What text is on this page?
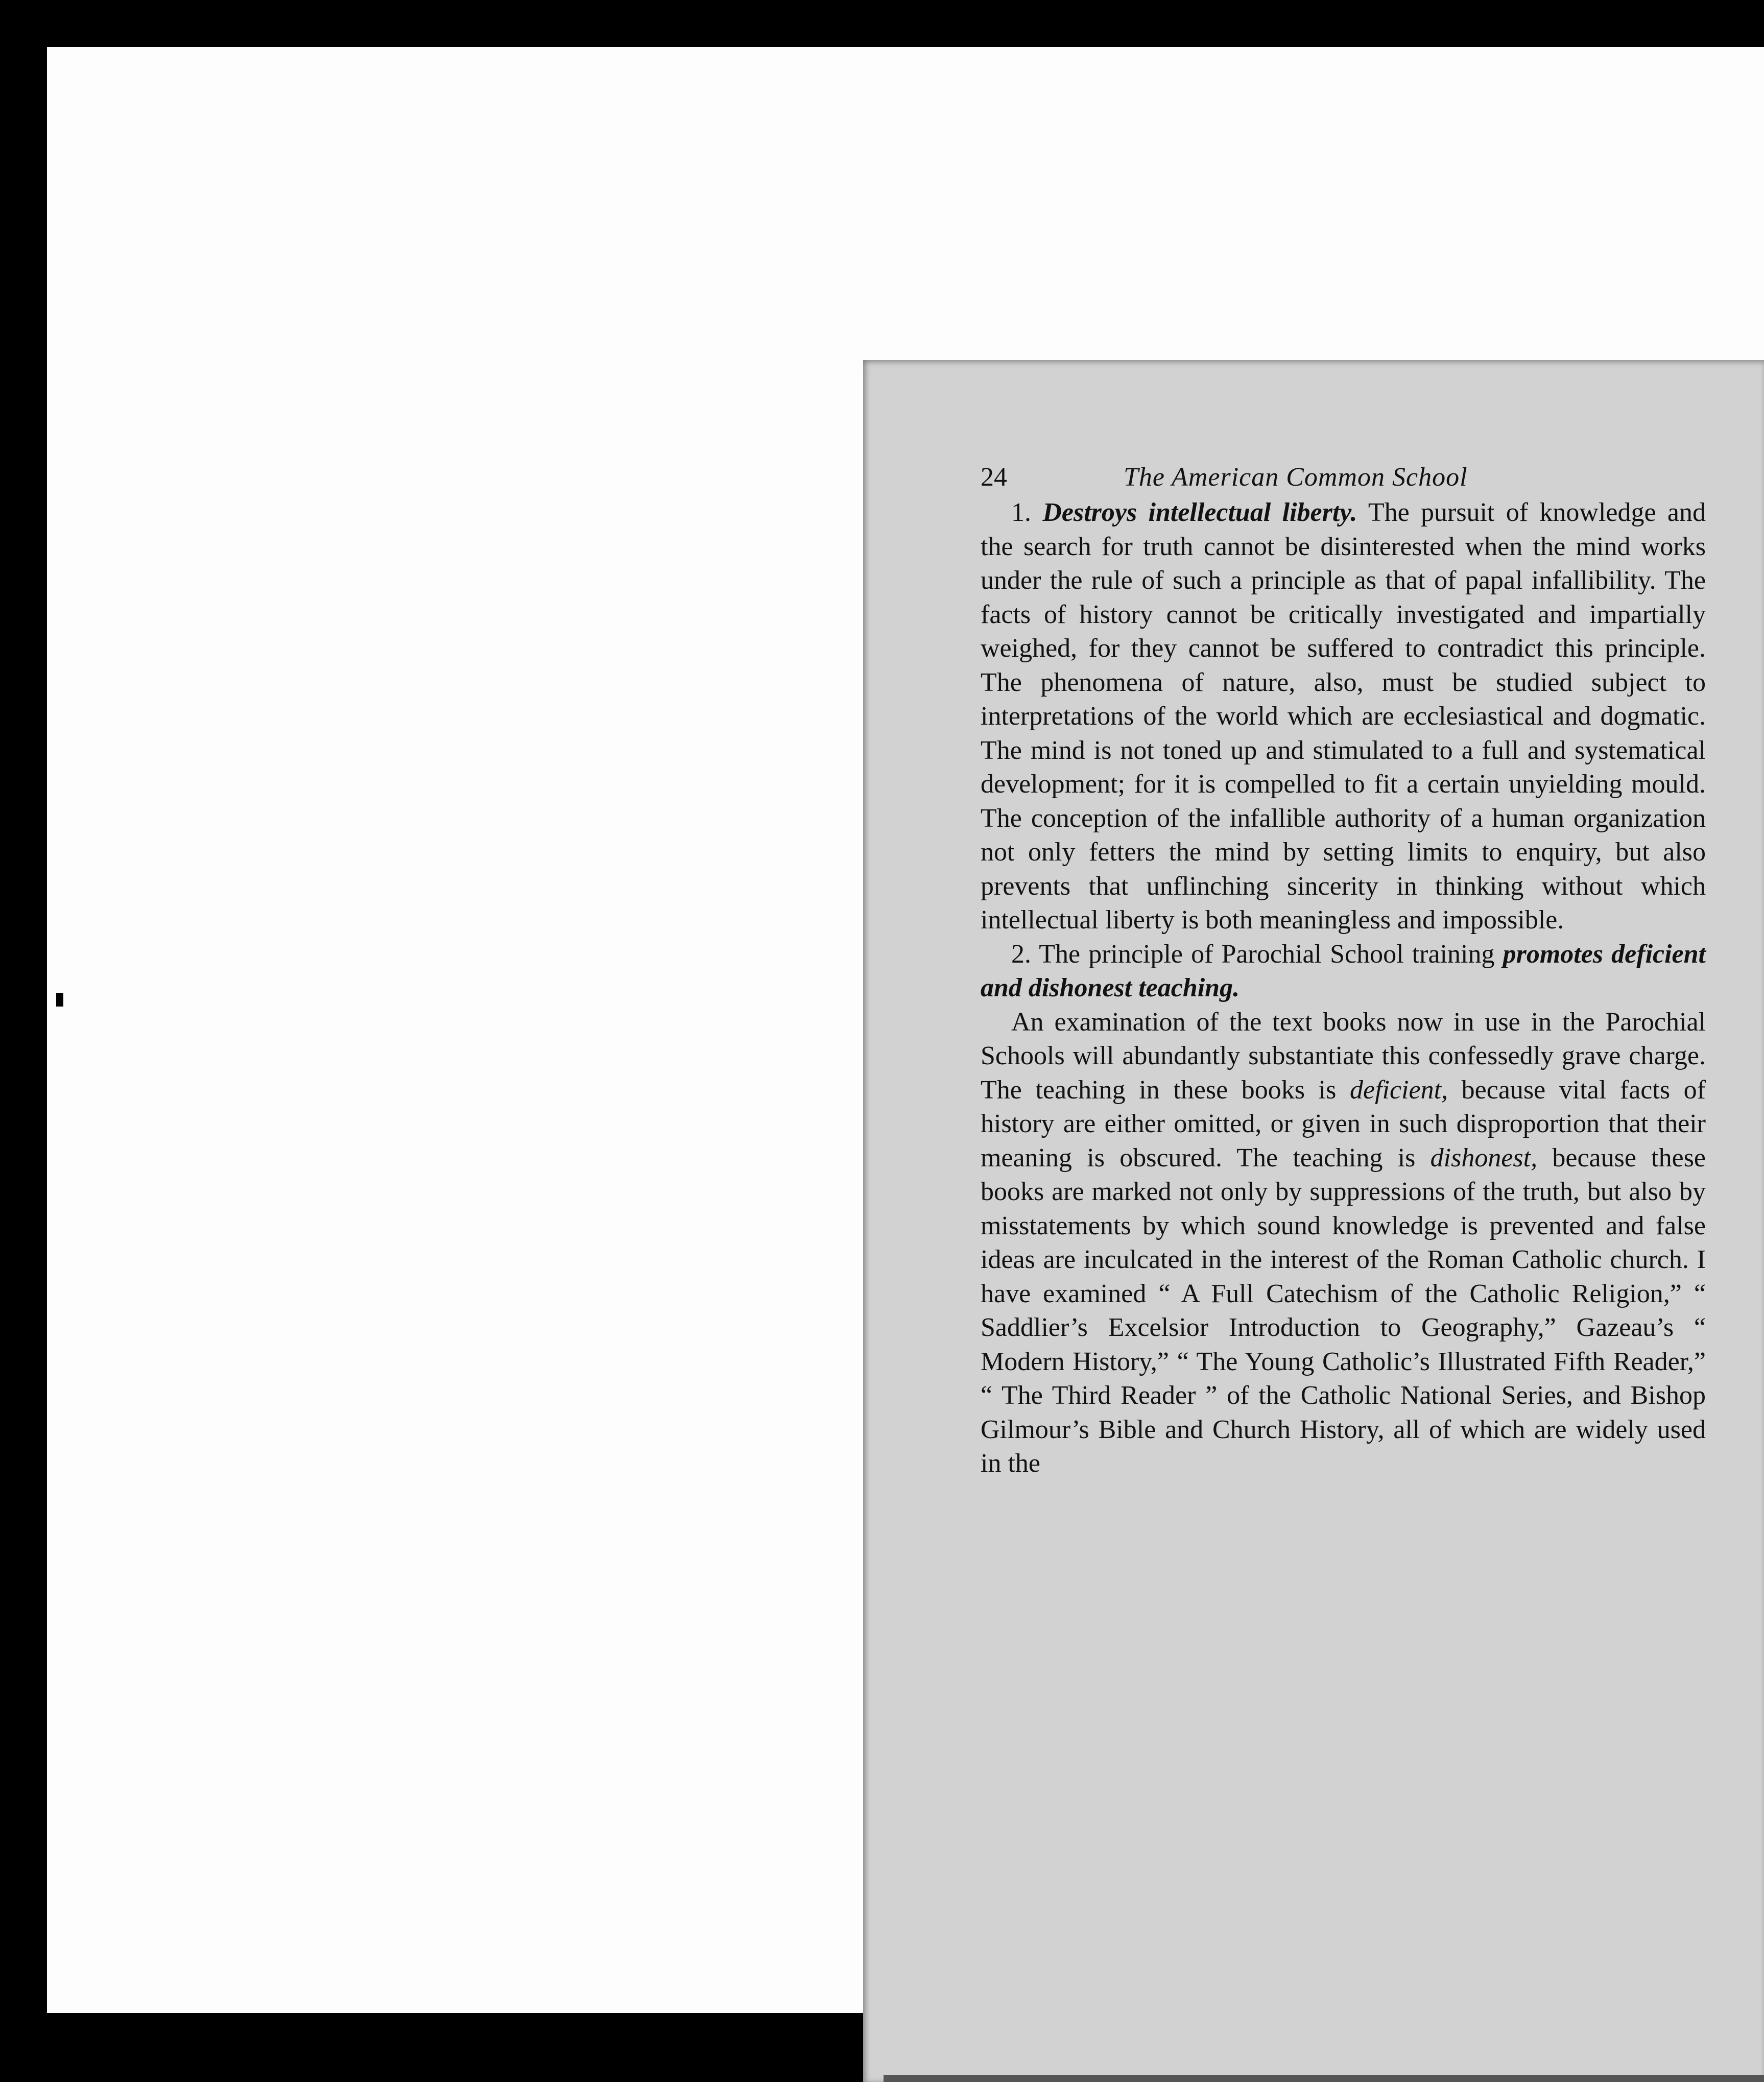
24	The American Common School

1. Destroys intellectual liberty. The pursuit of knowledge and the search for truth cannot be disinterested when the mind works under the rule of such a principle as that of papal infallibility. The facts of history cannot be critically investigated and impartially weighed, for they cannot be suffered to contradict this principle. The phenomena of nature, also, must be studied subject to interpretations of the world which are ecclesiastical and dogmatic. The mind is not toned up and stimulated to a full and systematical development; for it is compelled to fit a certain unyielding mould. The conception of the infallible authority of a human organization not only fetters the mind by setting limits to enquiry, but also prevents that unflinching sincerity in thinking without which intellectual liberty is both meaningless and impossible.

2. The principle of Parochial School training promotes deficient and dishonest teaching.

An examination of the text books now in use in the Parochial Schools will abundantly substantiate this confessedly grave charge. The teaching in these books is deficient, because vital facts of history are either omitted, or given in such disproportion that their meaning is obscured. The teaching is dishonest, because these books are marked not only by suppressions of the truth, but also by misstatements by which sound knowledge is prevented and false ideas are inculcated in the interest of the Roman Catholic church. I have examined “ A Full Catechism of the Catholic Religion,” “ Saddlier’s Excelsior Introduction to Geography,” Gazeau’s “ Modern History,” “ The Young Catholic’s Illustrated Fifth Reader,” “ The Third Reader ” of the Catholic National Series, and Bishop Gilmour’s Bible and Church History, all of which are widely used in the
